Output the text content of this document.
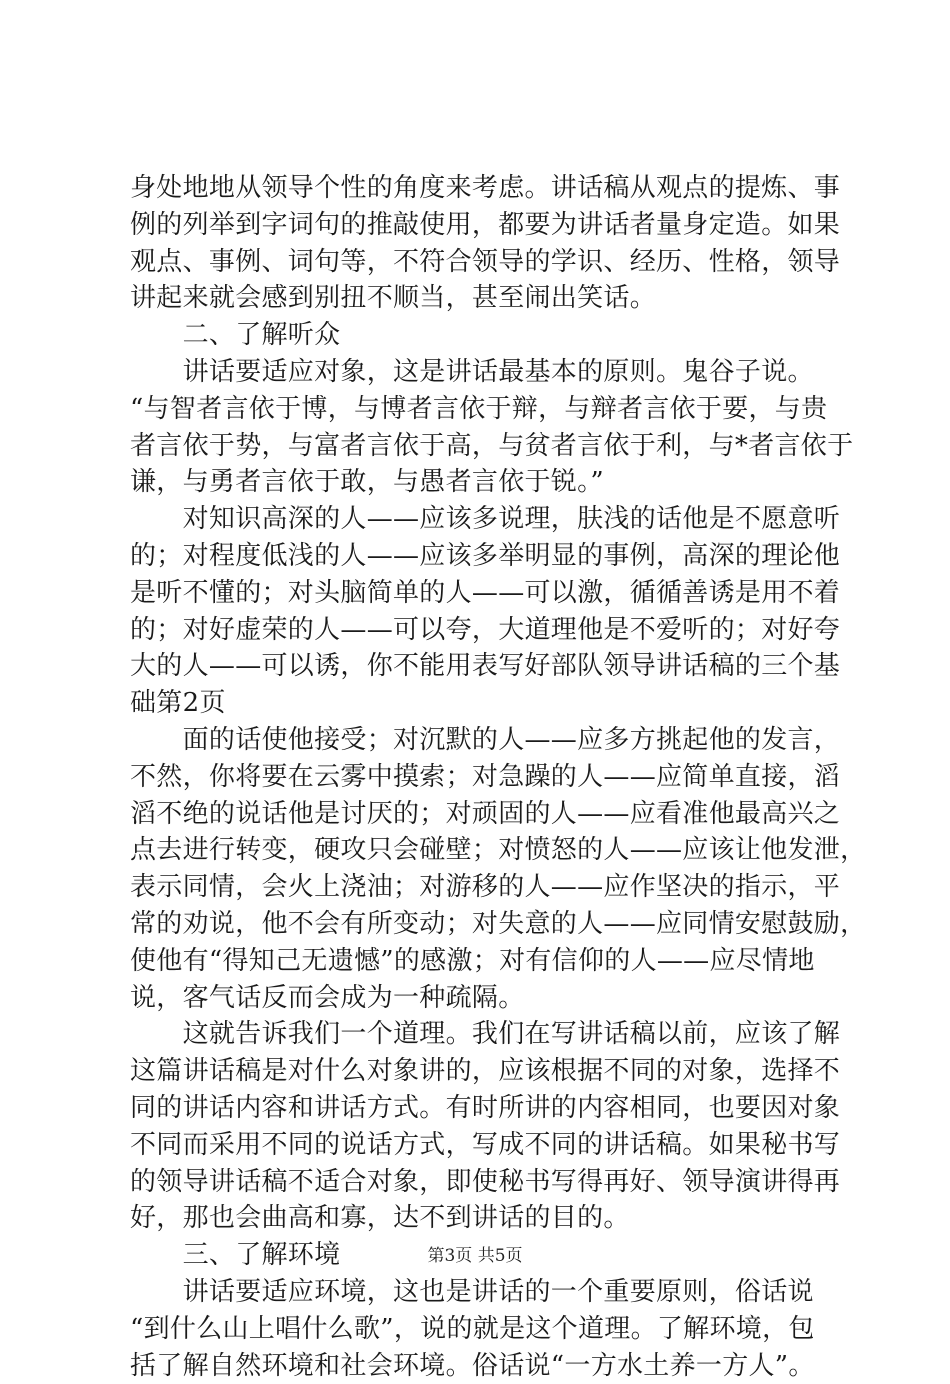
身处地地从领导个性的角度来考虑。讲话稿从观点的提炼、事
例的列举到字词句的推敲使用，都要为讲话者量身定造。如果
观点、事例、词句等，不符合领导的学识、经历、性格，领导
讲起来就会感到别扭不顺当，甚至闹出笑话。
　　二、了解听众
　　讲话要适应对象，这是讲话最基本的原则。鬼谷子说。
“与智者言依于博，与博者言依于辩，与辩者言依于要，与贵
者言依于势，与富者言依于高，与贫者言依于利，与*者言依于
谦，与勇者言依于敢，与愚者言依于锐。”
　　对知识高深的人——应该多说理，肤浅的话他是不愿意听
的；对程度低浅的人——应该多举明显的事例，高深的理论他
是听不懂的；对头脑简单的人——可以激，循循善诱是用不着
的；对好虚荣的人——可以夸，大道理他是不爱听的；对好夸
大的人——可以诱，你不能用表写好部队领导讲话稿的三个基
础第2页
　　面的话使他接受；对沉默的人——应多方挑起他的发言，
不然，你将要在云雾中摸索；对急躁的人——应简单直接，滔
滔不绝的说话他是讨厌的；对顽固的人——应看准他最高兴之
点去进行转变，硬攻只会碰壁；对愤怒的人——应该让他发泄，
表示同情，会火上浇油；对游移的人——应作坚决的指示，平
常的劝说，他不会有所变动；对失意的人——应同情安慰鼓励，
使他有“得知己无遗憾”的感激；对有信仰的人——应尽情地
说，客气话反而会成为一种疏隔。
　　这就告诉我们一个道理。我们在写讲话稿以前，应该了解
这篇讲话稿是对什么对象讲的，应该根据不同的对象，选择不
同的讲话内容和讲话方式。有时所讲的内容相同，也要因对象
不同而采用不同的说话方式，写成不同的讲话稿。如果秘书写
的领导讲话稿不适合对象，即使秘书写得再好、领导演讲得再
好，那也会曲高和寡，达不到讲话的目的。
　　三、了解环境
　　讲话要适应环境，这也是讲话的一个重要原则，俗话说
“到什么山上唱什么歌”，说的就是这个道理。了解环境，包
括了解自然环境和社会环境。俗话说“一方水土养一方人”。
第3页 共5页
